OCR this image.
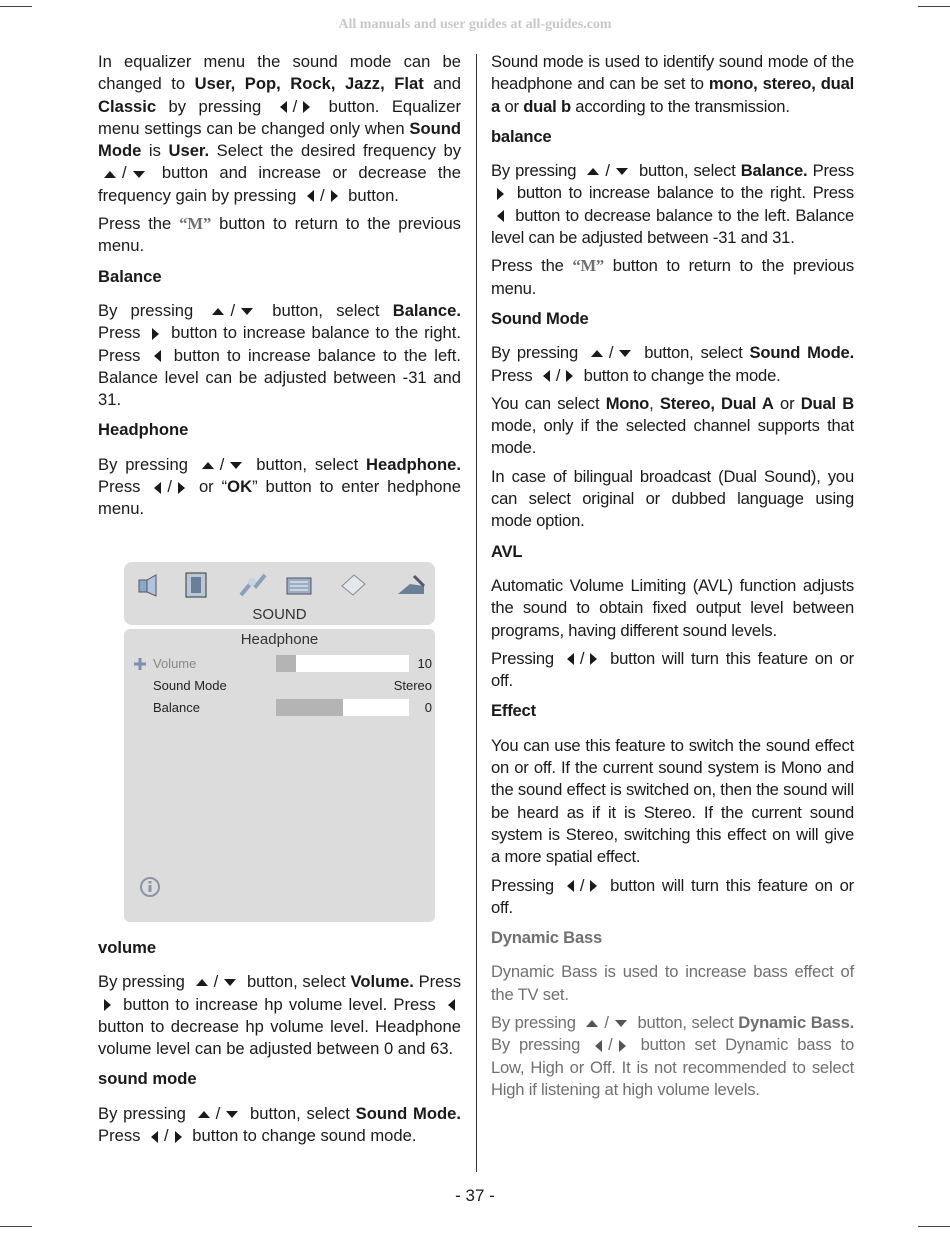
All manuals and user guides at all-guides.com

In equalizer menu the sound mode can be changed to User, Pop, Rock, Jazz, Flat and Classic by pressing / button. Equalizer menu settings can be changed only when Sound Mode is User. Select the desired frequency by / button and increase or decrease the frequency gain by pressing / button.

Press the “M” button to return to the previous menu.

Balance

By pressing / button, select Balance. Press  button to increase balance to the right. Press  button to increase balance to the left. Balance level can be adjusted between -31 and 31.

Headphone

By pressing / button, select Headphone. Press / or “OK” button to enter hedphone menu.

SOUND
Headphone
Volume	10
Sound Mode	Stereo
Balance	0
volume

By pressing / button, select Volume. Press  button to increase hp volume level. Press  button to decrease hp volume level. Headphone volume level can be adjusted between 0 and 63.

sound mode

By pressing / button, select Sound Mode. Press / button to change sound mode.

Sound mode is used to identify sound mode of the headphone and can be set to mono, stereo, dual a or dual b according to the transmission.

balance

By pressing / button, select Balance. Press  button to increase balance to the right. Press  button to decrease balance to the left. Balance level can be adjusted between -31 and 31.

Press the “M” button to return to the previous menu.

Sound Mode

By pressing / button, select Sound Mode. Press / button to change the mode.

You can select Mono, Stereo, Dual A or Dual B mode, only if the selected channel supports that mode.

In case of bilingual broadcast (Dual Sound), you can select original or dubbed language using mode option.

AVL

Automatic Volume Limiting (AVL) function adjusts the sound to obtain fixed output level between programs, having different sound levels.

Pressing / button will turn this feature on or off.

Effect

You can use this feature to switch the sound effect on or off. If the current sound system is Mono and the sound effect is switched on, then the sound will be heard as if it is Stereo. If the current sound system is Stereo, switching this effect on will give a more spatial effect.

Pressing / button will turn this feature on or off.

Dynamic Bass

Dynamic Bass is used to increase bass effect of the TV set.

By pressing / button, select Dynamic Bass. By pressing / button set Dynamic bass to Low, High or Off. It is not recommended to select High if listening at high volume levels.

- 37 -
